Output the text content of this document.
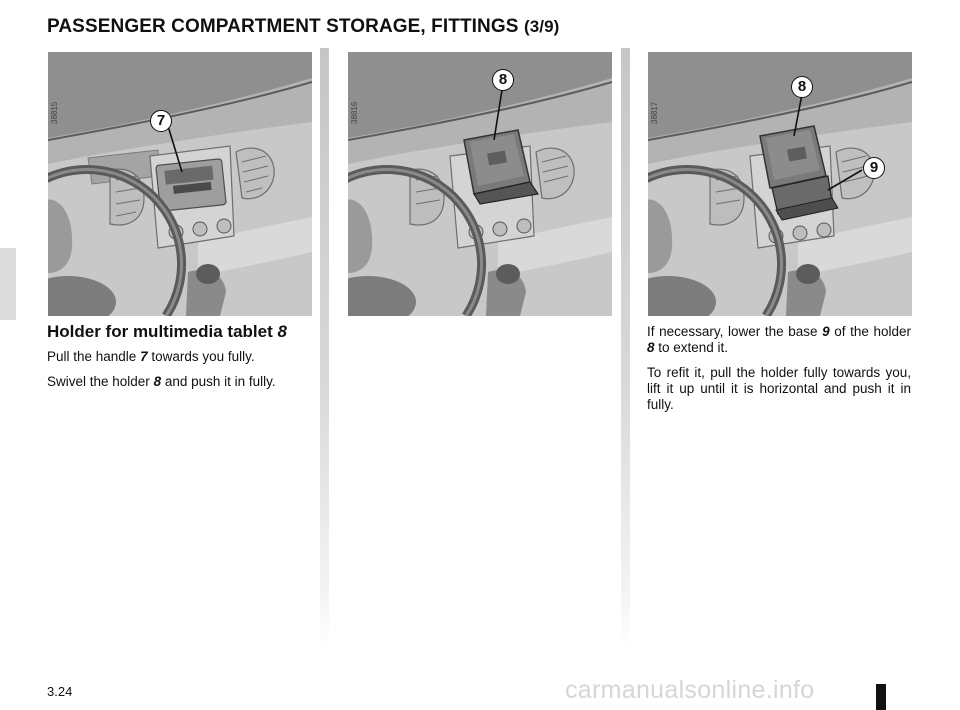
PASSENGER COMPARTMENT STORAGE, FITTINGS (3/9)
38815	7	38816
8
38817
8
9
Holder for multimedia tablet 8

Pull the handle 7 towards you fully.

Swivel the holder 8 and push it in fully.

If necessary, lower the base 9 of the holder 8 to extend it.

To refit it, pull the holder fully towards you, lift it up until it is horizontal and push it in fully.

carmanualsonline.info
3.24
